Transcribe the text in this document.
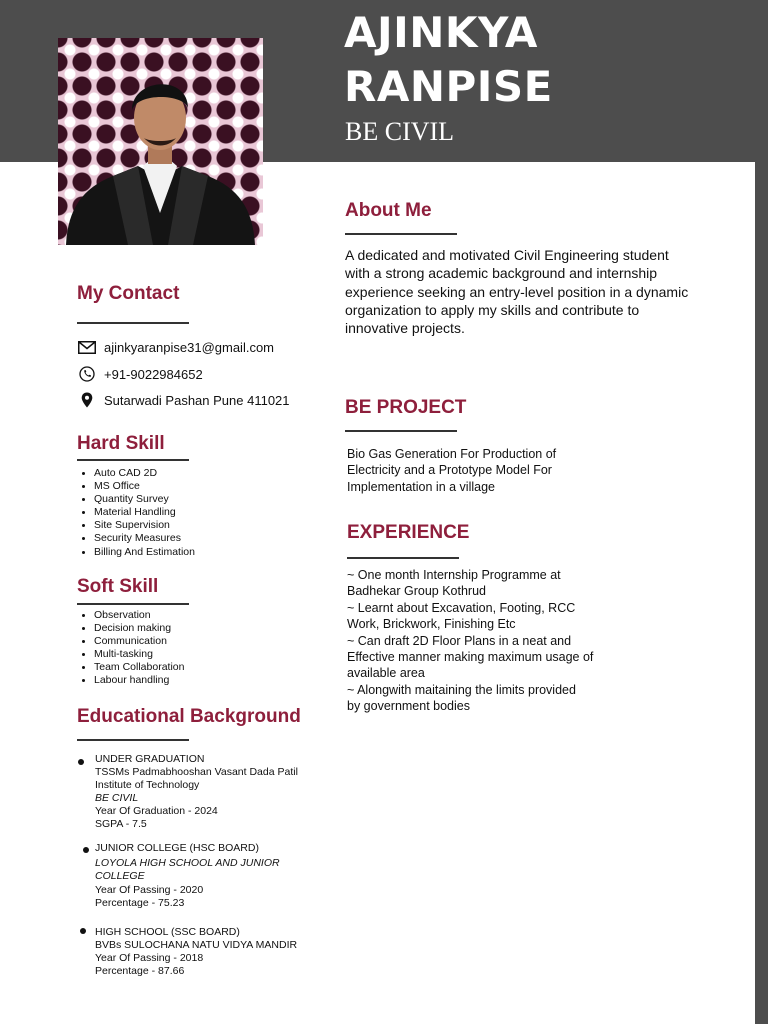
AJINKYA
RANPISE
BE CIVIL
My Contact
ajinkyaranpise31@gmail.com
+91-9022984652
Sutarwadi Pashan Pune 411021
Hard Skill
Auto CAD 2D
MS Office
Quantity Survey
Material Handling
Site Supervision
Security Measures
Billing And Estimation
Soft Skill
Observation
Decision making
Communication
Multi-tasking
Team Collaboration
Labour handling
Educational Background
UNDER GRADUATION
TSSMs Padmabhooshan Vasant Dada Patil
Institute of Technology
BE CIVIL
Year Of Graduation - 2024
SGPA - 7.5
JUNIOR COLLEGE (HSC BOARD)
LOYOLA HIGH SCHOOL AND JUNIOR
COLLEGE
Year Of Passing - 2020
Percentage - 75.23
HIGH SCHOOL (SSC BOARD)
BVBs SULOCHANA NATU VIDYA MANDIR
Year Of Passing - 2018
Percentage - 87.66
About Me
A dedicated and motivated Civil Engineering student
with a strong academic background and internship
experience seeking an entry-level position in a dynamic
organization to apply my skills and contribute to
innovative projects.
BE PROJECT
Bio Gas Generation For Production of
Electricity and a Prototype Model For
Implementation in a village
EXPERIENCE
~ One month Internship Programme at
Badhekar Group Kothrud
~ Learnt about Excavation, Footing, RCC
Work, Brickwork, Finishing Etc
~ Can draft 2D Floor Plans in a neat and
Effective manner making maximum usage of
available area
~ Alongwith maitaining the limits provided
by government bodies
